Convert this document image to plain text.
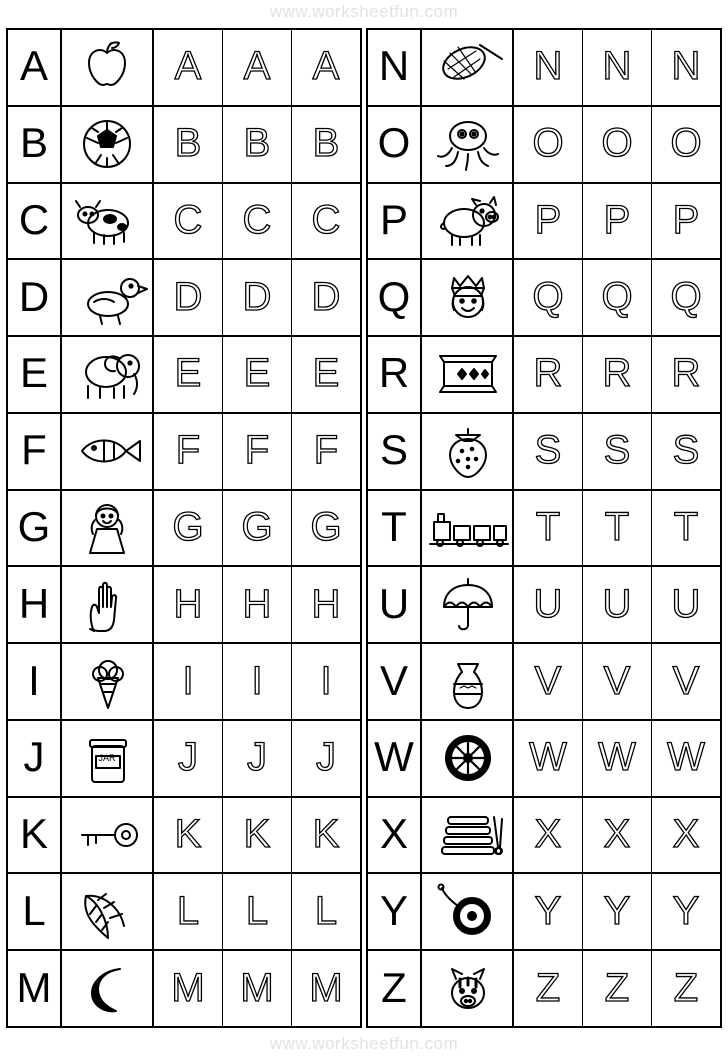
www.worksheetfun.com
www.worksheetfun.com
A	A A A
B	B B B
C	C C C
D	D D D
E	E E E
F	F F F
G	G G G
H	H H H
I	I I I
J	JAR J J J
K	K K K
L	L L L
M	M M M
N	N N N
O	O O O
P	P P P
Q	Q Q Q
R	R R R
S	S S S
T	T T T
U	U U U
V	V V V
W	W W W
X	X X X
Y	Y Y Y
Z	Z Z Z
